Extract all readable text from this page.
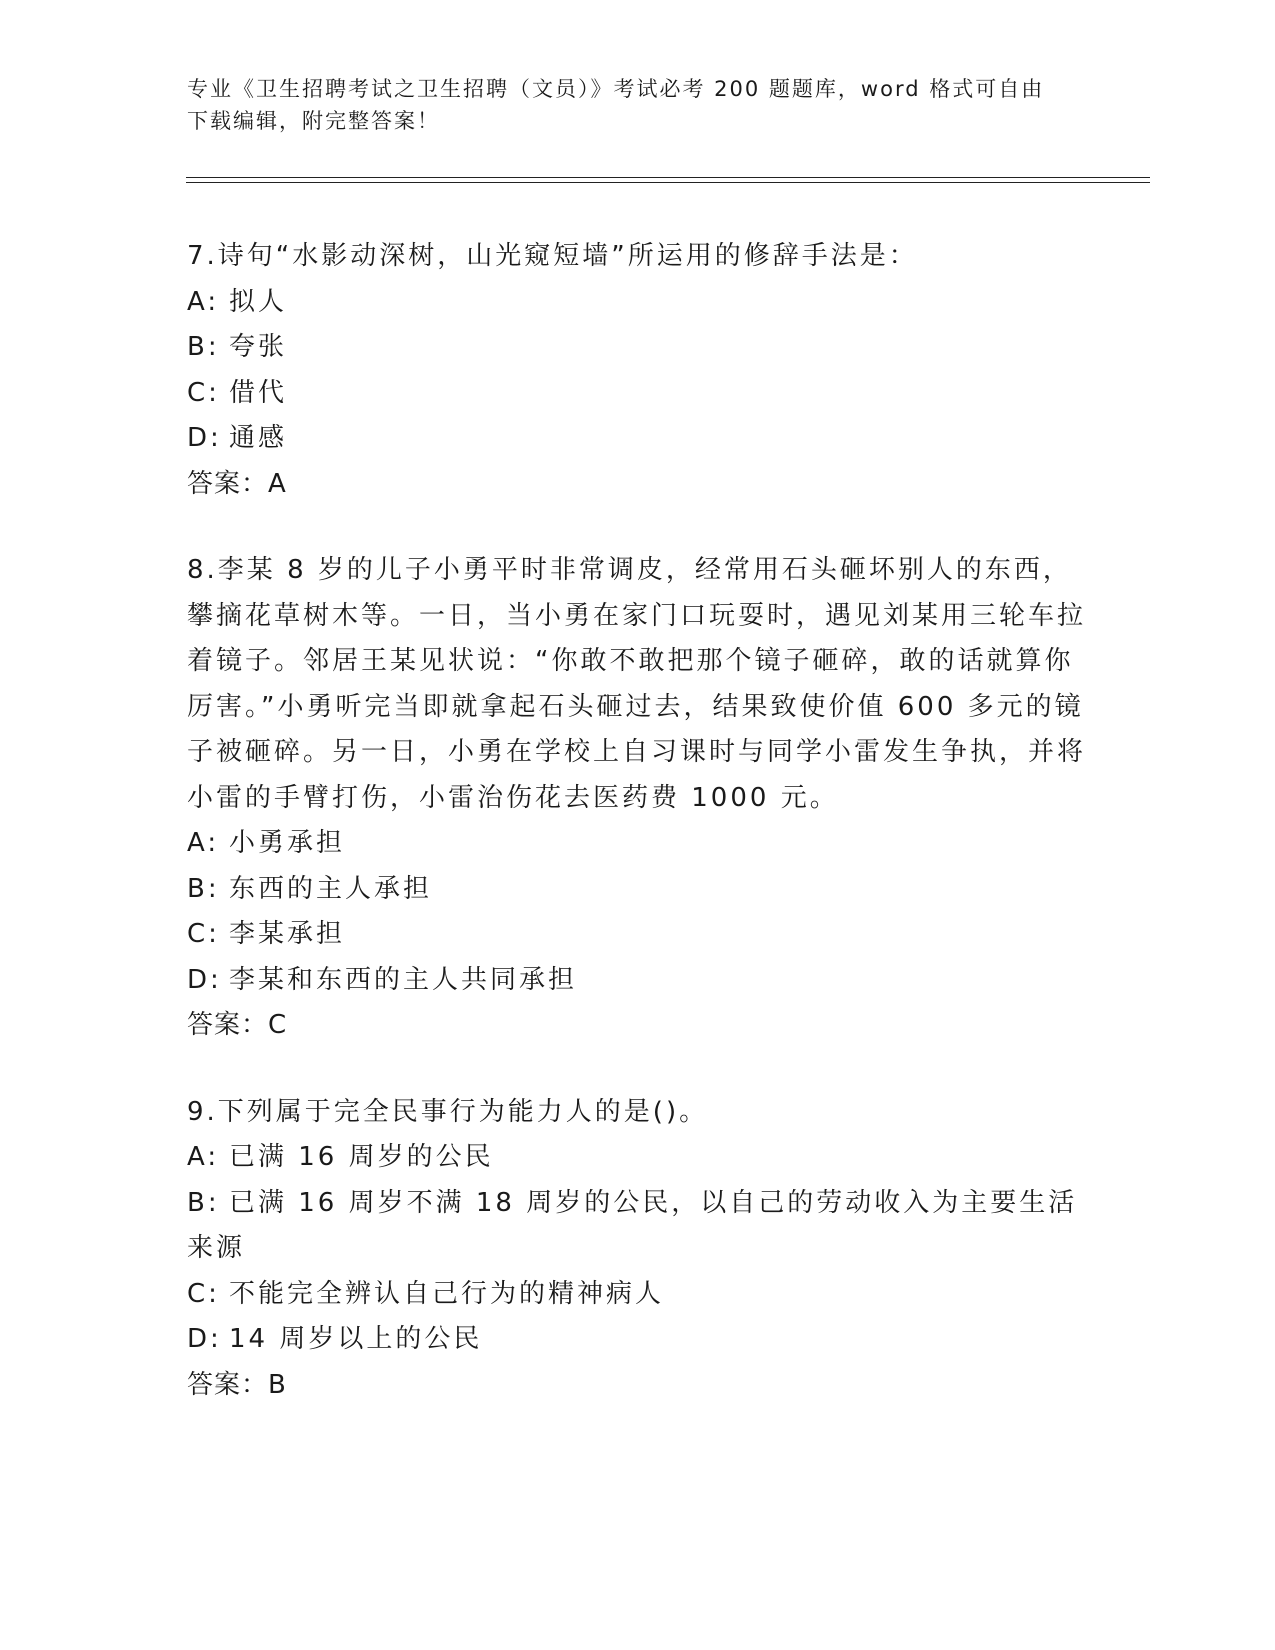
专业《卫生招聘考试之卫生招聘（文员）》考试必考 200 题题库，word 格式可自由下载编辑，附完整答案！
7.诗句“水影动深树，山光窥短墙”所运用的修辞手法是：
A: 拟人
B: 夸张
C: 借代
D: 通感
答案：A
8.李某 8 岁的儿子小勇平时非常调皮，经常用石头砸坏别人的东西，攀摘花草树木等。一日，当小勇在家门口玩耍时，遇见刘某用三轮车拉着镜子。邻居王某见状说：“你敢不敢把那个镜子砸碎，敢的话就算你厉害。”小勇听完当即就拿起石头砸过去，结果致使价值 600 多元的镜子被砸碎。另一日，小勇在学校上自习课时与同学小雷发生争执，并将小雷的手臂打伤，小雷治伤花去医药费 1000 元。
A: 小勇承担
B: 东西的主人承担
C: 李某承担
D: 李某和东西的主人共同承担
答案：C
9.下列属于完全民事行为能力人的是()。
A: 已满 16 周岁的公民
B: 已满 16 周岁不满 18 周岁的公民，以自己的劳动收入为主要生活来源
C: 不能完全辨认自己行为的精神病人
D: 14 周岁以上的公民
答案：B
